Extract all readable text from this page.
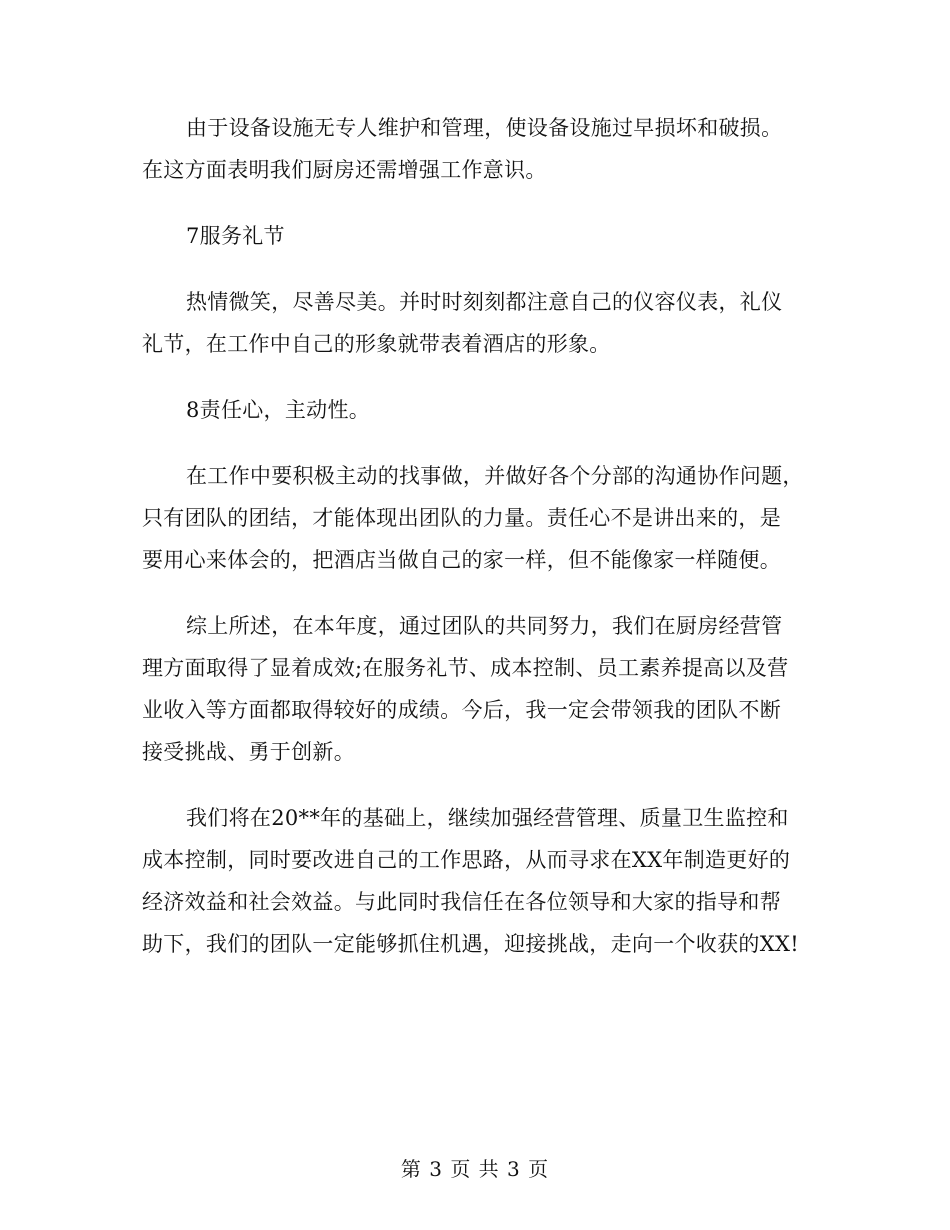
由于设备设施无专人维护和管理，使设备设施过早损坏和破损。
在这方面表明我们厨房还需增强工作意识。

7服务礼节

热情微笑，尽善尽美。并时时刻刻都注意自己的仪容仪表，礼仪
礼节，在工作中自己的形象就带表着酒店的形象。

8责任心，主动性。

在工作中要积极主动的找事做，并做好各个分部的沟通协作问题，
只有团队的团结，才能体现出团队的力量。责任心不是讲出来的，是
要用心来体会的，把酒店当做自己的家一样，但不能像家一样随便。

综上所述，在本年度，通过团队的共同努力，我们在厨房经营管
理方面取得了显着成效;在服务礼节、成本控制、员工素养提高以及营
业收入等方面都取得较好的成绩。今后，我一定会带领我的团队不断
接受挑战、勇于创新。

我们将在20**年的基础上，继续加强经营管理、质量卫生监控和
成本控制，同时要改进自己的工作思路，从而寻求在XX年制造更好的
经济效益和社会效益。与此同时我信任在各位领导和大家的指导和帮
助下，我们的团队一定能够抓住机遇，迎接挑战，走向一个收获的XX!

第 3 页 共 3 页
